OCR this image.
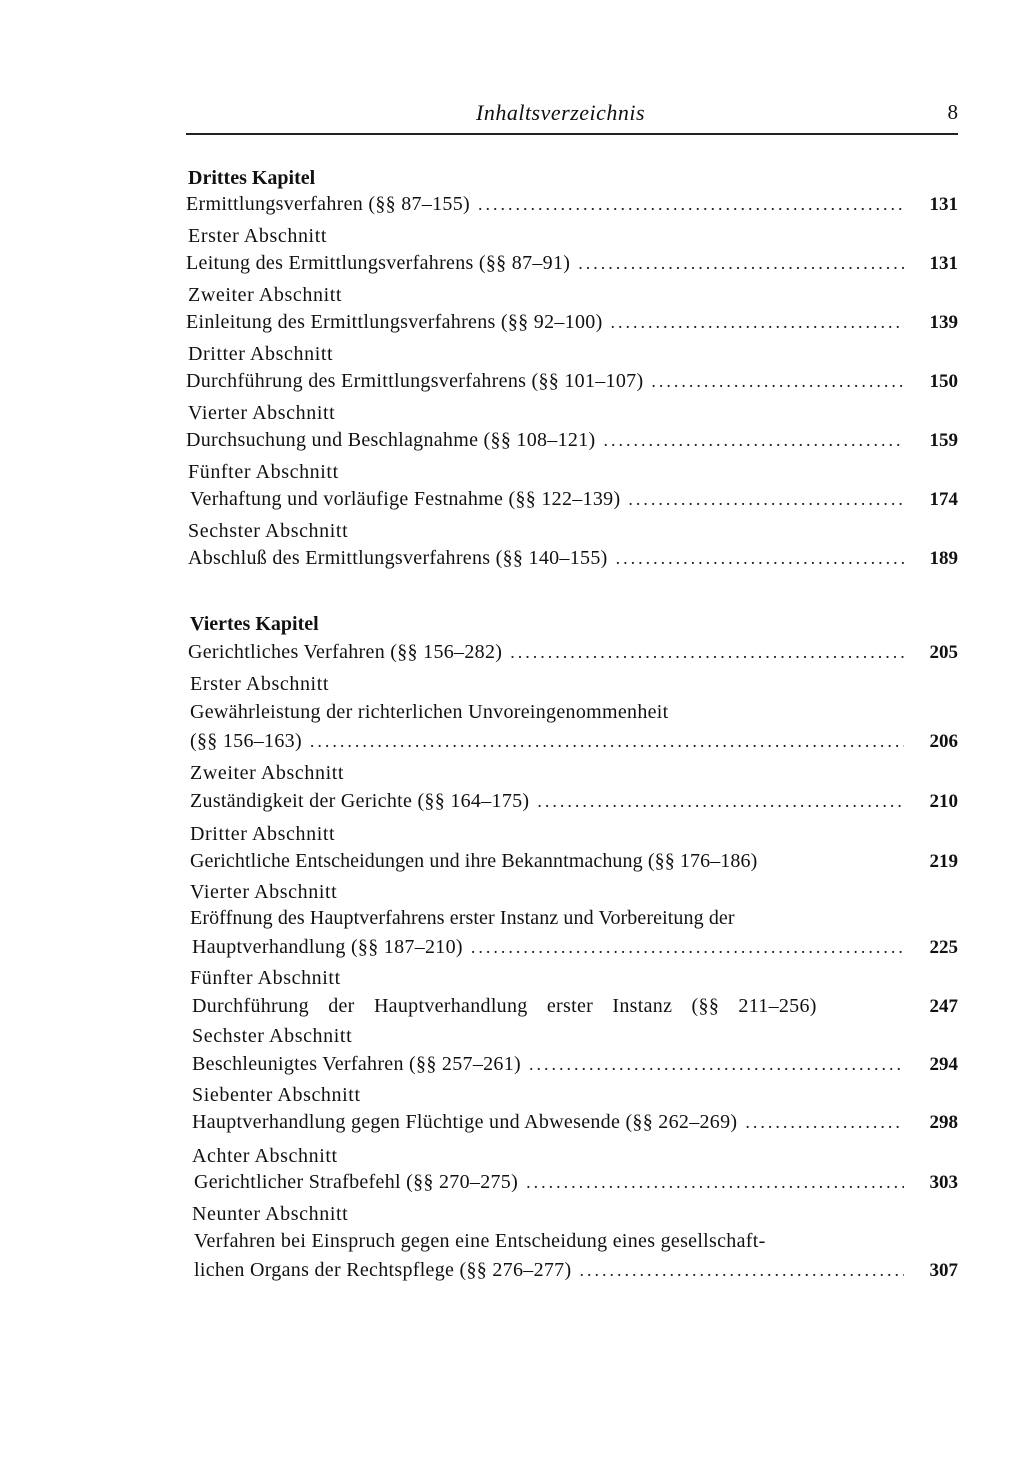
Inhaltsverzeichnis	8
Drittes Kapitel
Ermittlungsverfahren (§§ 87–155) .....	131
Erster Abschnitt
Leitung des Ermittlungsverfahrens (§§ 87–91) .....	131
Zweiter Abschnitt
Einleitung des Ermittlungsverfahrens (§§ 92–100) .....	139
Dritter Abschnitt
Durchführung des Ermittlungsverfahrens (§§ 101–107) .....	150
Vierter Abschnitt
Durchsuchung und Beschlagnahme (§§ 108–121) .....	159
Fünfter Abschnitt
Verhaftung und vorläufige Festnahme (§§ 122–139) .....	174
Sechster Abschnitt
Abschluß des Ermittlungsverfahrens (§§ 140–155) .....	189
Viertes Kapitel
Gerichtliches Verfahren (§§ 156–282) .....	205
Erster Abschnitt
Gewährleistung der richterlichen Unvoreingenommenheit
(§§ 156–163) .....	206
Zweiter Abschnitt
Zuständigkeit der Gerichte (§§ 164–175) .....	210
Dritter Abschnitt
Gerichtliche Entscheidungen und ihre Bekanntmachung (§§ 176–186)	219
Vierter Abschnitt
Eröffnung des Hauptverfahrens erster Instanz und Vorbereitung der
Hauptverhandlung (§§ 187–210) .....	225
Fünfter Abschnitt
Durchführung der Hauptverhandlung erster Instanz (§§ 211–256)	247
Sechster Abschnitt
Beschleunigtes Verfahren (§§ 257–261) .....	294
Siebenter Abschnitt
Hauptverhandlung gegen Flüchtige und Abwesende (§§ 262–269) .....	298
Achter Abschnitt
Gerichtlicher Strafbefehl (§§ 270–275) .....	303
Neunter Abschnitt
Verfahren bei Einspruch gegen eine Entscheidung eines gesellschaft-
lichen Organs der Rechtspflege (§§ 276–277) .....	307
